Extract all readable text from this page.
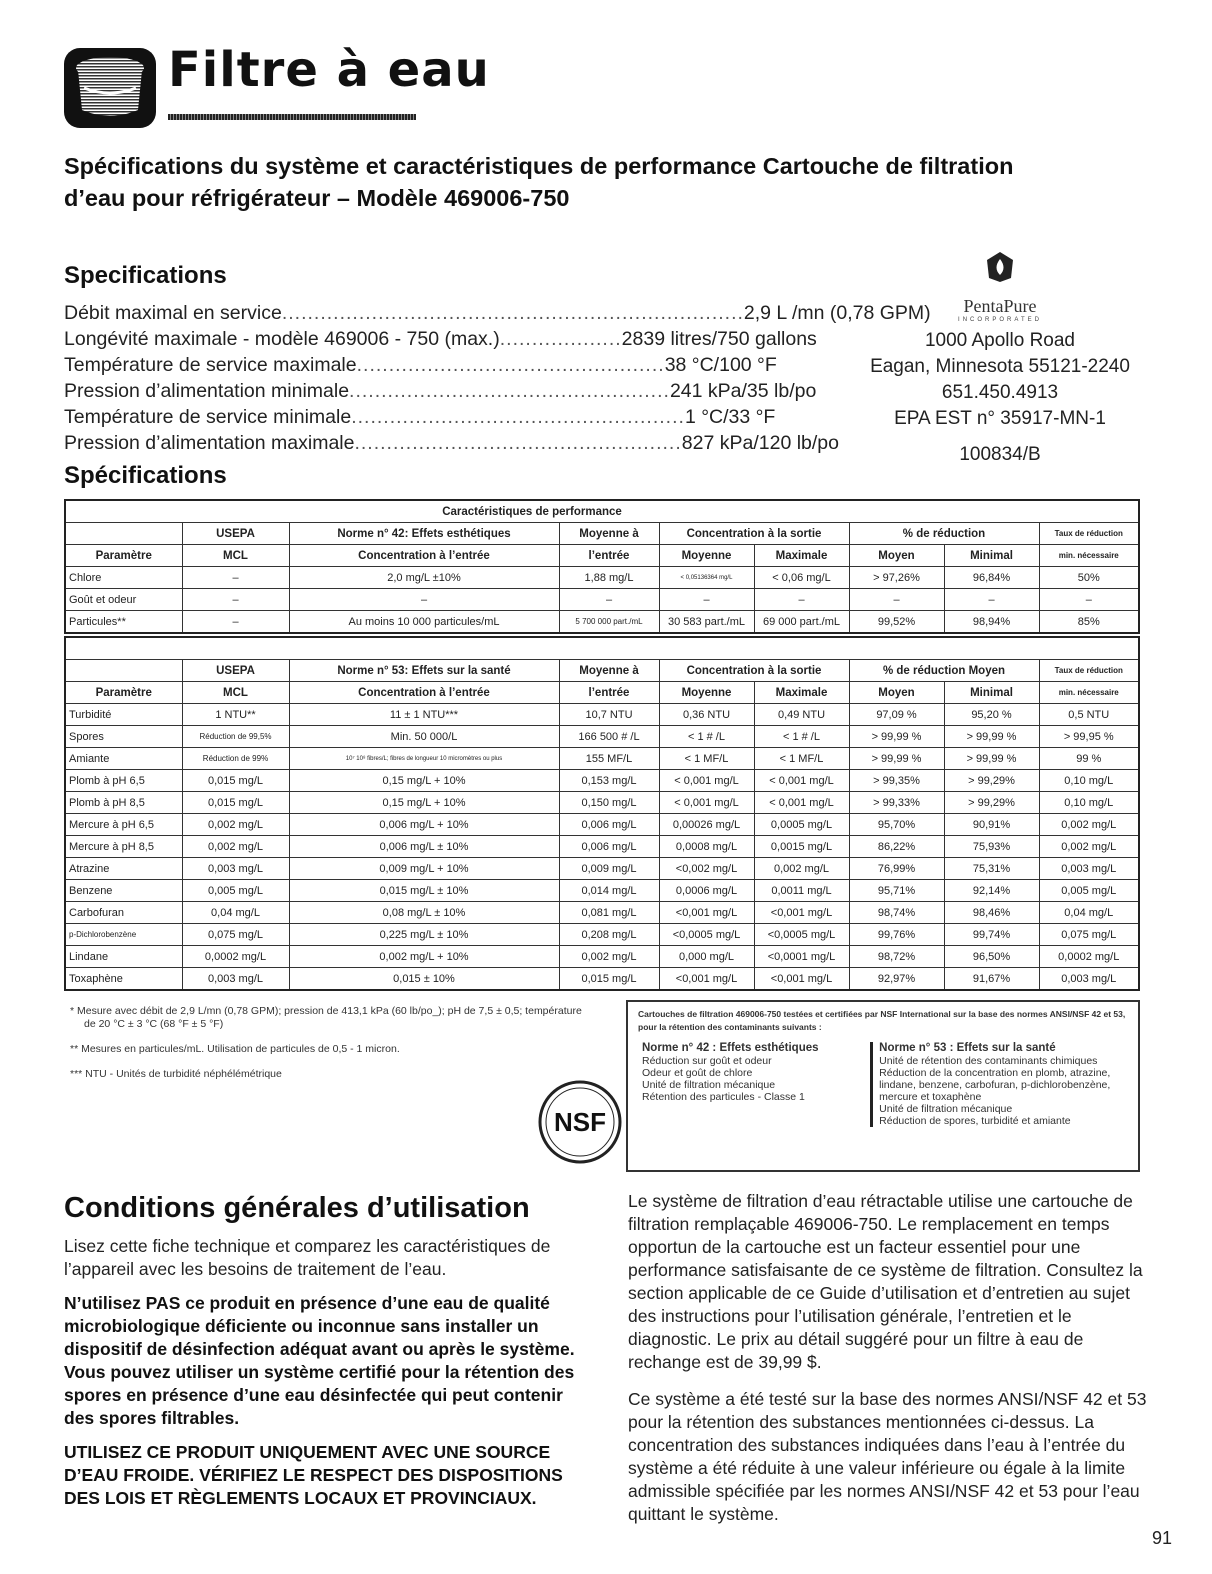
Filtre à eau
Spécifications du système et caractéristiques de performance Cartouche de filtration d’eau pour réfrigérateur – Modèle 469006-750
Specifications
Débit maximal en service ........................................................................ 2,9 L /mn (0,78 GPM)
Longévité maximale - modèle 469006 - 750 (max.) ................... 2839 litres/750 gallons
Température de service maximale ................................................ 38 °C/100 °F
Pression d’alimentation minimale .................................................. 241 kPa/35 lb/po
Température de service minimale .................................................... 1 °C/33 °F
Pression d’alimentation maximale ................................................... 827 kPa/120 lb/po
PentaPure
INCORPORATED
1000 Apollo Road
Eagan, Minnesota 55121-2240
651.450.4913
EPA EST n° 35917-MN-1
100834/B
Spécifications
Caractéristiques de performance								
	USEPA	Norme n° 42: Effets esthétiques	Moyenne à	Concentration à la sortie		% de réduction		Taux de réduction
Paramètre	MCL	Concentration à l’entrée	l’entrée	Moyenne	Maximale	Moyen	Minimal	min. nécessaire
Chlore	–	2,0 mg/L ±10%	1,88 mg/L	< 0,05136364 mg/L	< 0,06 mg/L	> 97,26%	96,84%	50%
Goût et odeur	–	–	–	–	–	–	–	–
Particules**	–	Au moins 10 000 particules/mL	5 700 000 part./mL	30 583 part./mL	69 000 part./mL	99,52%	98,94%	85%

	USEPA	Norme n° 53: Effets sur la santé	Moyenne à	Concentration à la sortie		% de réduction Moyen		Taux de réduction
Paramètre	MCL	Concentration à l’entrée	l’entrée	Moyenne	Maximale	Moyen	Minimal	min. nécessaire
Turbidité	1 NTU**	11 ± 1 NTU***	10,7 NTU	0,36 NTU	0,49 NTU	97,09 %	95,20 %	0,5 NTU
Spores	Réduction de 99,5%	Min. 50 000/L	166 500 # /L	< 1 # /L	< 1 # /L	> 99,99 %	> 99,99 %	> 99,95 %
Amiante	Réduction de 99%	10⁷ 10⁸ fibres/L; fibres de longueur 10 micromètres ou plus	155 MF/L	< 1 MF/L	< 1 MF/L	> 99,99 %	> 99,99 %	99 %
Plomb à pH 6,5	0,015 mg/L	0,15 mg/L + 10%	0,153 mg/L	< 0,001 mg/L	< 0,001 mg/L	> 99,35%	> 99,29%	0,10 mg/L
Plomb à pH 8,5	0,015 mg/L	0,15 mg/L + 10%	0,150 mg/L	< 0,001 mg/L	< 0,001 mg/L	> 99,33%	> 99,29%	0,10 mg/L
Mercure à pH 6,5	0,002 mg/L	0,006 mg/L + 10%	0,006 mg/L	0,00026 mg/L	0,0005 mg/L	95,70%	90,91%	0,002 mg/L
Mercure à pH 8,5	0,002 mg/L	0,006 mg/L ± 10%	0,006 mg/L	0,0008 mg/L	0,0015 mg/L	86,22%	75,93%	0,002 mg/L
Atrazine	0,003 mg/L	0,009 mg/L + 10%	0,009 mg/L	<0,002 mg/L	0,002 mg/L	76,99%	75,31%	0,003 mg/L
Benzene	0,005 mg/L	0,015 mg/L ± 10%	0,014 mg/L	0,0006 mg/L	0,0011 mg/L	95,71%	92,14%	0,005 mg/L
Carbofuran	0,04 mg/L	0,08 mg/L ± 10%	0,081 mg/L	<0,001 mg/L	<0,001 mg/L	98,74%	98,46%	0,04 mg/L
p-Dichlorobenzène	0,075 mg/L	0,225 mg/L ± 10%	0,208 mg/L	<0,0005 mg/L	<0,0005 mg/L	99,76%	99,74%	0,075 mg/L
Lindane	0,0002 mg/L	0,002 mg/L + 10%	0,002 mg/L	0,000 mg/L	<0,0001 mg/L	98,72%	96,50%	0,0002 mg/L
Toxaphène	0,003 mg/L	0,015 ± 10%	0,015 mg/L	<0,001 mg/L	<0,001 mg/L	92,97%	91,67%	0,003 mg/L

* Mesure avec débit de 2,9 L/mn (0,78 GPM); pression de 413,1 kPa (60 lb/po_); pH de 7,5 ± 0,5; température de 20 °C ± 3 °C (68 °F ± 5 °F)

** Mesures en particules/mL. Utilisation de particules de 0,5 - 1 micron.

*** NTU - Unités de turbidité néphélémétrique

NSF
Cartouches de filtration 469006-750 testées et certifiées par NSF International sur la base des normes ANSI/NSF 42 et 53, pour la rétention des contaminants suivants :
Norme n° 42 : Effets esthétiques
Réduction sur goût et odeur
Odeur et goût de chlore
Unité de filtration mécanique
Rétention des particules - Classe 1
Norme n° 53 : Effets sur la santé
Unité de rétention des contaminants chimiques
Réduction de la concentration en plomb, atrazine, lindane, benzene, carbofuran, p-dichlorobenzène, mercure et toxaphène
Unité de filtration mécanique
Réduction de spores, turbidité et amiante
Conditions générales d’utilisation

Lisez cette fiche technique et comparez les caractéristiques de l’appareil avec les besoins de traitement de l’eau.

N’utilisez PAS ce produit en présence d’une eau de qualité microbiologique déficiente ou inconnue sans installer un dispositif de désinfection adéquat avant ou après le système. Vous pouvez utiliser un système certifié pour la rétention des spores en présence d’une eau désinfectée qui peut contenir des spores filtrables.

UTILISEZ CE PRODUIT UNIQUEMENT AVEC UNE SOURCE D’EAU FROIDE. VÉRIFIEZ LE RESPECT DES DISPOSITIONS DES LOIS ET RÈGLEMENTS LOCAUX ET PROVINCIAUX.

Le système de filtration d’eau rétractable utilise une cartouche de filtration remplaçable 469006-750. Le remplacement en temps opportun de la cartouche est un facteur essentiel pour une performance satisfaisante de ce système de filtration. Consultez la section applicable de ce Guide d’utilisation et d’entretien au sujet des instructions pour l’utilisation générale, l’entretien et le diagnostic. Le prix au détail suggéré pour un filtre à eau de rechange est de 39,99 $.

Ce système a été testé sur la base des normes ANSI/NSF 42 et 53 pour la rétention des substances mentionnées ci-dessus. La concentration des substances indiquées dans l’eau à l’entrée du système a été réduite à une valeur inférieure ou égale à la limite admissible spécifiée par les normes ANSI/NSF 42 et 53 pour l’eau quittant le système.

91
